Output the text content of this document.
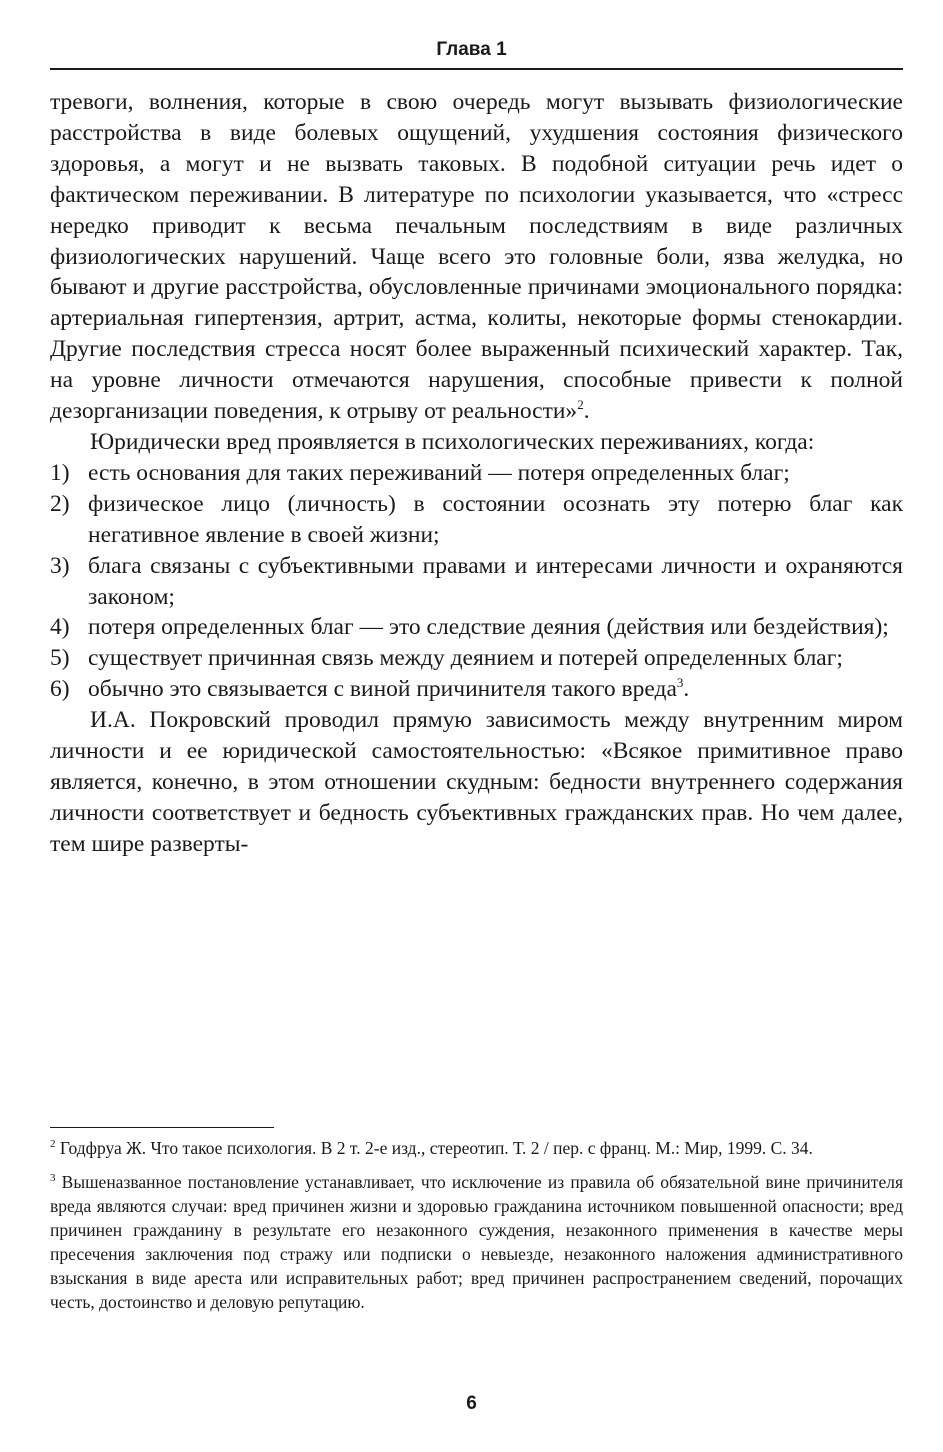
Глава 1

тревоги, волнения, которые в свою очередь могут вызывать физиологические расстройства в виде болевых ощущений, ухудшения состояния физического здоровья, а могут и не вызвать таковых. В подобной ситуации речь идет о фактическом переживании. В литературе по психологии указывается, что «стресс нередко приводит к весьма печальным последствиям в виде различных физиологических нарушений. Чаще всего это головные боли, язва желудка, но бывают и другие расстройства, обусловленные причинами эмоционального порядка: артериальная гипертензия, артрит, астма, кoлиты, некоторые формы стенокардии. Другие последствия стресса носят более выраженный психический характер. Так, на уровне личности отмечаются нарушения, способные привести к полной дезорганизации поведения, к отрыву от реальности»$^2$.

Юридически вред проявляется в психологических переживаниях, когда:

1) есть основания для таких переживаний — потеря определенных благ;
2) физическое лицо (личность) в состоянии осознать эту потерю благ как негативное явление в своей жизни;
3) блага связаны с субъективными правами и интересами личности и охраняются законом;
4) потеря определенных благ — это следствие деяния (действия или бездействия);
5) существует причинная связь между деянием и потерей определенных благ;
6) обычно это связывается с виной причинителя такого вреда$^3$.

И.А. Покровский проводил прямую зависимость между внутренним миром личности и ее юридической самостоятельностью: «Всякое примитивное право является, конечно, в этом отношении скудным: бедности внутреннего содержания личности соответствует и бедность субъективных гражданских прав. Но чем далее, тем шире разверты-

$^2$ Годфруа Ж. Что такое психология. В 2 т. 2-е изд., стереотип. Т. 2 / пер. с франц. М.: Мир, 1999. С. 34.

$^3$ Вышеназванное постановление устанавливает, что исключение из правила об обязательной вине причинителя вреда являются случаи: вред причинен жизни и здоровью гражданина источником повышенной опасности; вред причинен гражданину в результате его незаконного суждения, незаконного применения в качестве меры пресечения заключения под стражу или подписки о невыезде, незаконного наложения административного взыскания в виде ареста или исправительных работ; вред причинен распространением сведений, порочащих честь, достоинство и деловую репутацию.

6
